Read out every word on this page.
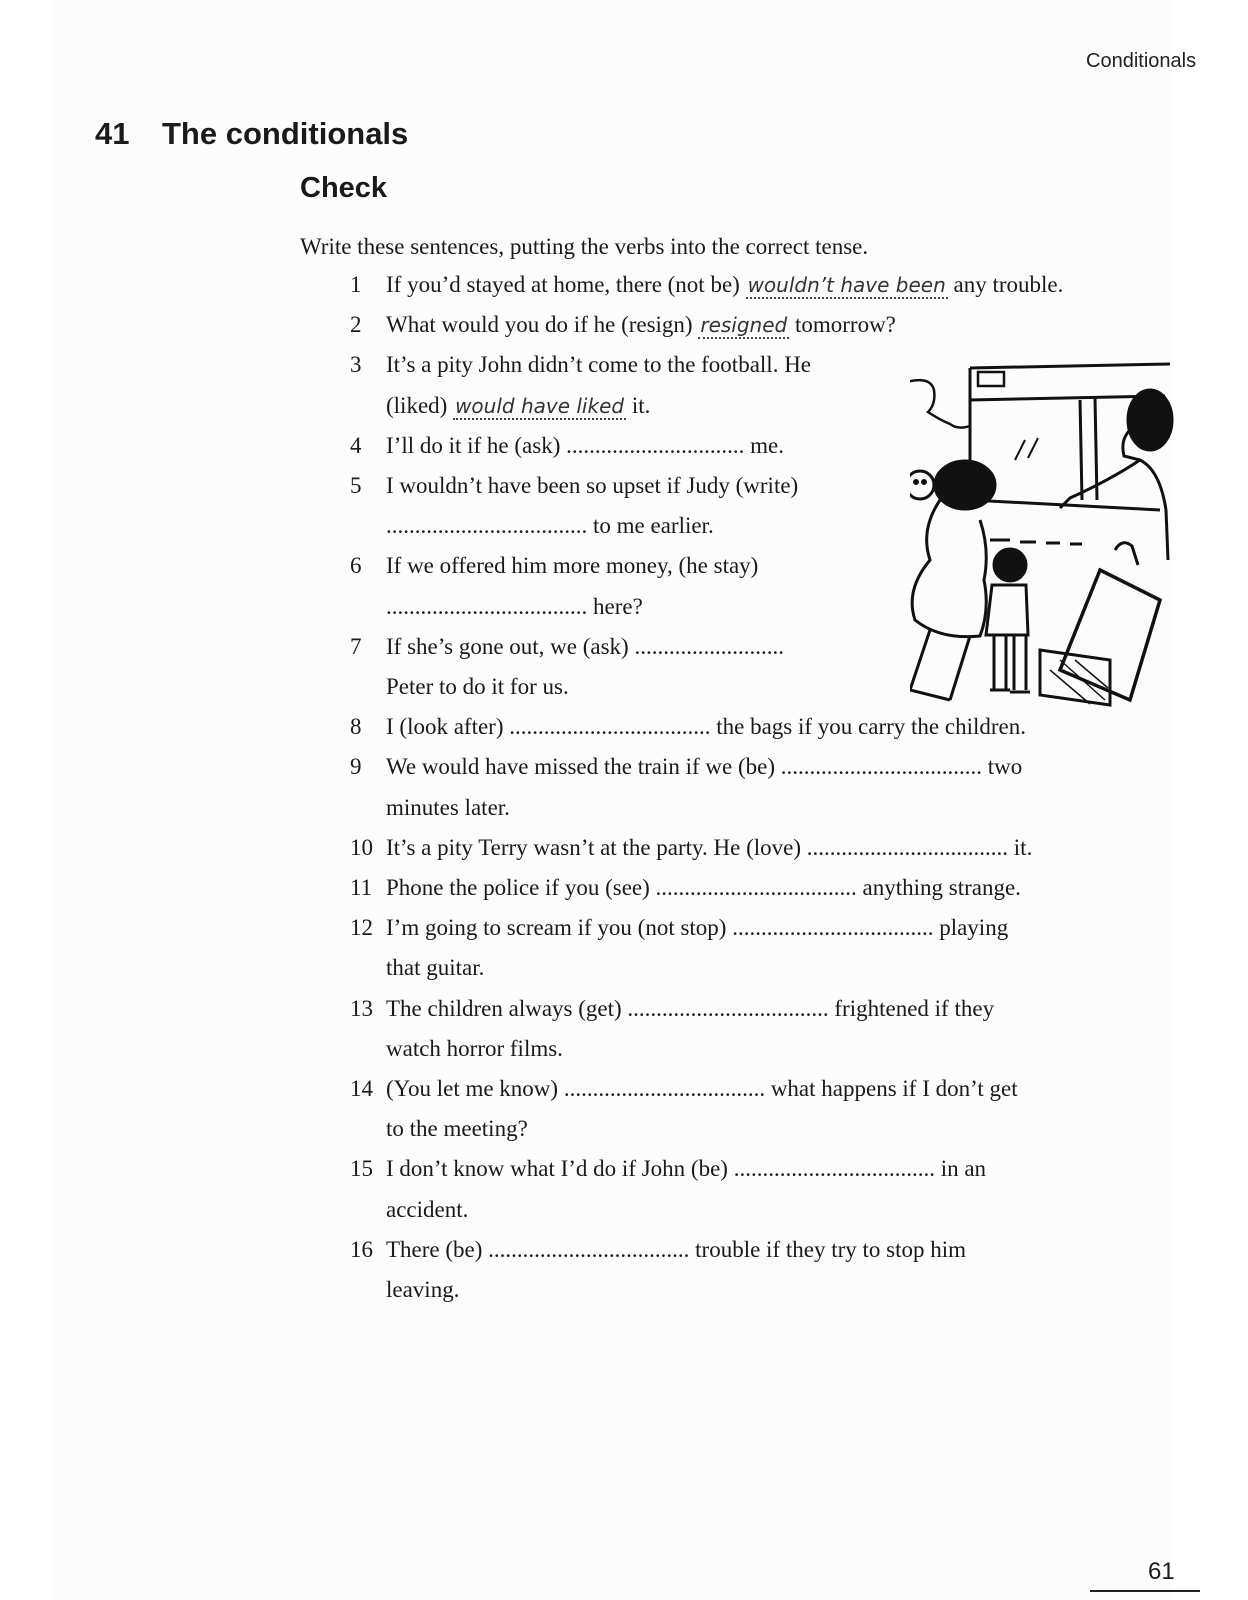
Conditionals
41 The conditionals
Check
Write these sentences, putting the verbs into the correct tense.
1	If you’d stayed at home, there (not be) wouldn’t have been any trouble.
2	What would you do if he (resign) resigned tomorrow?
3	It’s a pity John didn’t come to the football. He
(liked) would have liked it.
4	I’ll do it if he (ask) ............................... me.
5	I wouldn’t have been so upset if Judy (write)
................................... to me earlier.
6	If we offered him more money, (he stay)
................................... here?
7	If she’s gone out, we (ask) ..........................
Peter to do it for us.
8	I (look after) ................................... the bags if you carry the children.
9	We would have missed the train if we (be) ................................... two
minutes later.
10 It’s a pity Terry wasn’t at the party. He (love) ................................... it.
11 Phone the police if you (see) ................................... anything strange.
12 I’m going to scream if you (not stop) ................................... playing
that guitar.
13 The children always (get) ................................... frightened if they
watch horror films.
14 (You let me know) ................................... what happens if I don’t get
to the meeting?
15 I don’t know what I’d do if John (be) ................................... in an
accident.
16 There (be) ................................... trouble if they try to stop him
leaving.
61
